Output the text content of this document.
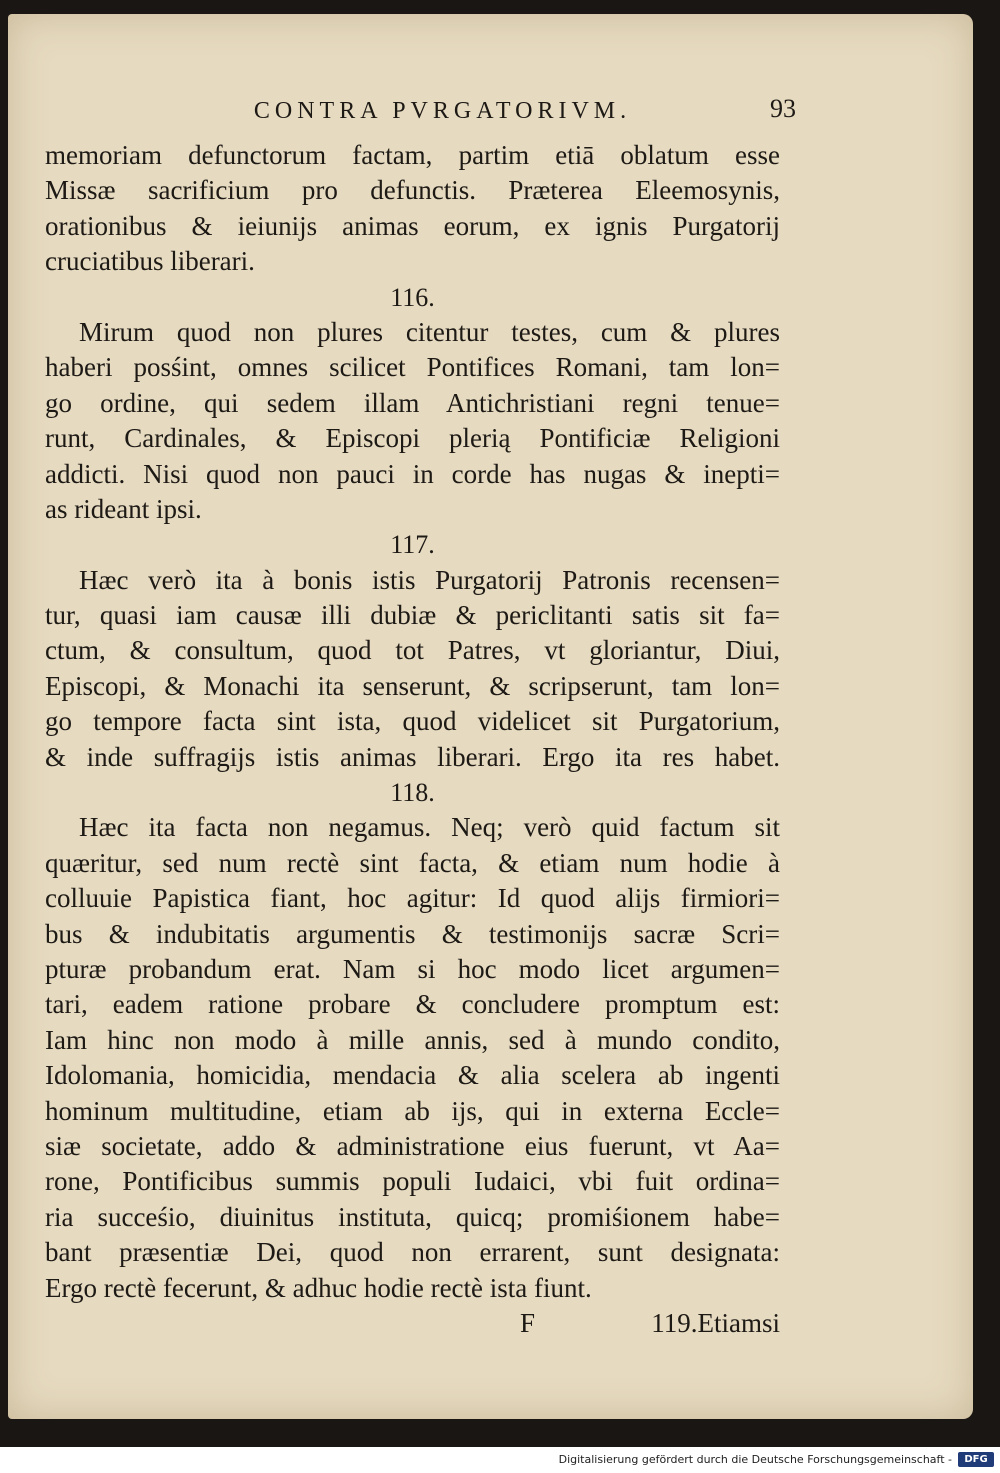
CONTRA PVRGATORIVM.	93
memoriam defunctorum factam, partim etiā oblatum esse
Missæ sacrificium pro defunctis. Præterea Eleemosynis,
orationibus & ieiunijs animas eorum, ex ignis Purgatorij
cruciatibus liberari.
116.
Mirum quod non plures citentur testes, cum & plures
haberi posśint, omnes scilicet Pontifices Romani, tam lon=
go ordine, qui sedem illam Antichristiani regni tenue=
runt, Cardinales, & Episcopi plerią Pontificiæ Religioni
addicti. Nisi quod non pauci in corde has nugas & inepti=
as rideant ipsi.
117.
Hæc verò ita à bonis istis Purgatorij Patronis recensen=
tur, quasi iam causæ illi dubiæ & periclitanti satis sit fa=
ctum, & consultum, quod tot Patres, vt gloriantur, Diui,
Episcopi, & Monachi ita senserunt, & scripserunt, tam lon=
go tempore facta sint ista, quod videlicet sit Purgatorium,
& inde suffragijs istis animas liberari. Ergo ita res habet.
118.
Hæc ita facta non negamus. Neq; verò quid factum sit
quæritur, sed num rectè sint facta, & etiam num hodie à
colluuie Papistica fiant, hoc agitur: Id quod alijs firmiori=
bus & indubitatis argumentis & testimonijs sacræ Scri=
pturæ probandum erat. Nam si hoc modo licet argumen=
tari, eadem ratione probare & concludere promptum est:
Iam hinc non modo à mille annis, sed à mundo condito,
Idolomania, homicidia, mendacia & alia scelera ab ingenti
hominum multitudine, etiam ab ijs, qui in externa Eccle=
siæ societate, addo & administratione eius fuerunt, vt Aa=
rone, Pontificibus summis populi Iudaici, vbi fuit ordina=
ria succeśio, diuinitus instituta, quicq; promiśionem habe=
bant præsentiæ Dei, quod non errarent, sunt designata:
Ergo rectè fecerunt, & adhuc hodie rectè ista fiunt.
F	119.Etiamsi
Digitalisierung gefördert durch die Deutsche Forschungsgemeinschaft -	DFG
